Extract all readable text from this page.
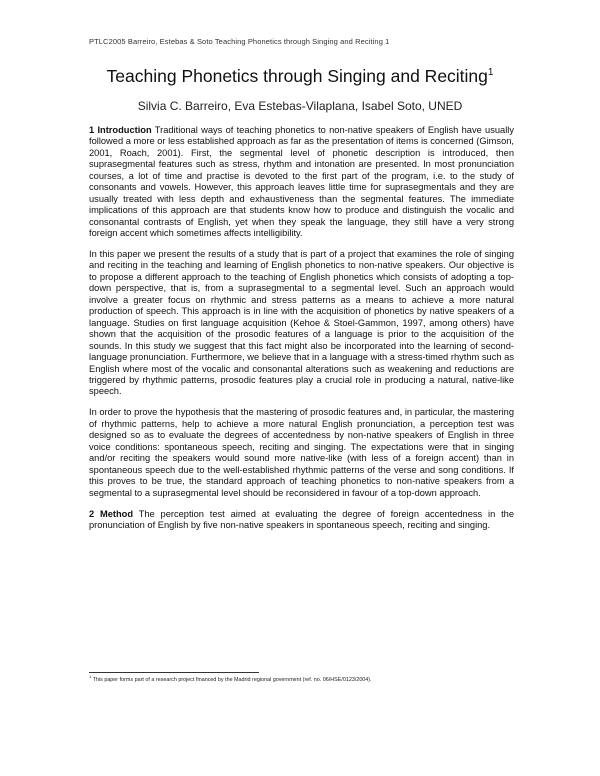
PTLC2005 Barreiro, Estebas & Soto Teaching Phonetics through Singing and Reciting 1
Teaching Phonetics through Singing and Reciting$^1$
Silvia C. Barreiro, Eva Estebas-Vilaplana, Isabel Soto, UNED

1 Introduction Traditional ways of teaching phonetics to non-native speakers of English have usually followed a more or less established approach as far as the presentation of items is concerned (Gimson, 2001, Roach, 2001). First, the segmental level of phonetic description is introduced, then suprasegmental features such as stress, rhythm and intonation are presented. In most pronunciation courses, a lot of time and practise is devoted to the first part of the program, i.e. to the study of consonants and vowels. However, this approach leaves little time for suprasegmentals and they are usually treated with less depth and exhaustiveness than the segmental features. The immediate implications of this approach are that students know how to produce and distinguish the vocalic and consonantal contrasts of English, yet when they speak the language, they still have a very strong foreign accent which sometimes affects intelligibility.

In this paper we present the results of a study that is part of a project that examines the role of singing and reciting in the teaching and learning of English phonetics to non-native speakers. Our objective is to propose a different approach to the teaching of English phonetics which consists of adopting a top-down perspective, that is, from a suprasegmental to a segmental level. Such an approach would involve a greater focus on rhythmic and stress patterns as a means to achieve a more natural production of speech. This approach is in line with the acquisition of phonetics by native speakers of a language. Studies on first language acquisition (Kehoe & Stoel-Gammon, 1997, among others) have shown that the acquisition of the prosodic features of a language is prior to the acquisition of the sounds. In this study we suggest that this fact might also be incorporated into the learning of second-language pronunciation. Furthermore, we believe that in a language with a stress-timed rhythm such as English where most of the vocalic and consonantal alterations such as weakening and reductions are triggered by rhythmic patterns, prosodic features play a crucial role in producing a natural, native-like speech.

In order to prove the hypothesis that the mastering of prosodic features and, in particular, the mastering of rhythmic patterns, help to achieve a more natural English pronunciation, a perception test was designed so as to evaluate the degrees of accentedness by non-native speakers of English in three voice conditions: spontaneous speech, reciting and singing. The expectations were that in singing and/or reciting the speakers would sound more native-like (with less of a foreign accent) than in spontaneous speech due to the well-established rhythmic patterns of the verse and song conditions. If this proves to be true, the standard approach of teaching phonetics to non-native speakers from a segmental to a suprasegmental level should be reconsidered in favour of a top-down approach.

2 Method The perception test aimed at evaluating the degree of foreign accentedness in the pronunciation of English by five non-native speakers in spontaneous speech, reciting and singing.

$^1$ This paper forms part of a research project financed by the Madrid regional government (ref. no. 06/HSE/0123/2004).
